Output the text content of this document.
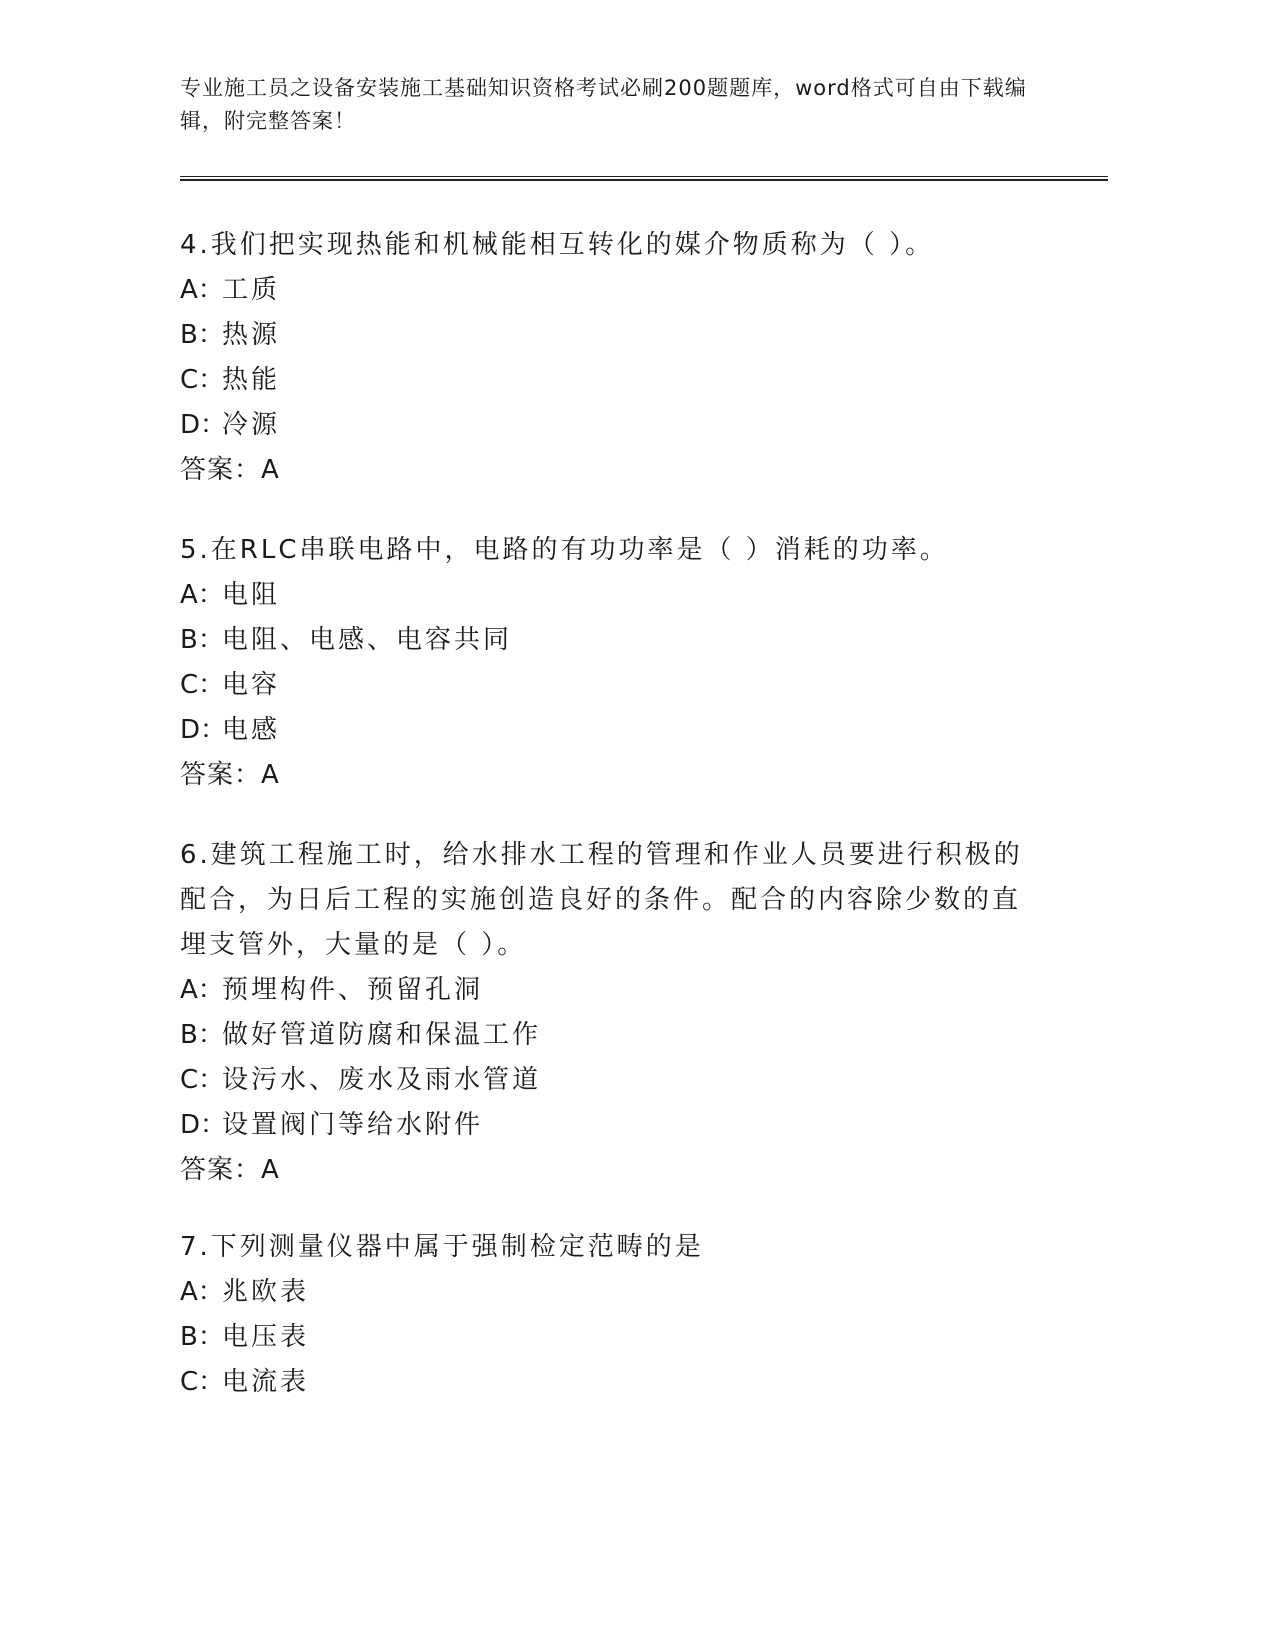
专业施工员之设备安装施工基础知识资格考试必刷200题题库，word格式可自由下载编辑，附完整答案！

4.我们把实现热能和机械能相互转化的媒介物质称为（ ）。

A：工质
B：热源
C：热能
D：冷源
答案：A

5.在RLC串联电路中，电路的有功功率是（ ）消耗的功率。

A：电阻
B：电阻、电感、电容共同
C：电容
D：电感
答案：A

6.建筑工程施工时，给水排水工程的管理和作业人员要进行积极的配合，为日后工程的实施创造良好的条件。配合的内容除少数的直埋支管外，大量的是（ ）。

A：预埋构件、预留孔洞
B：做好管道防腐和保温工作
C：设污水、废水及雨水管道
D：设置阀门等给水附件
答案：A

7.下列测量仪器中属于强制检定范畴的是

A：兆欧表
B：电压表
C：电流表
